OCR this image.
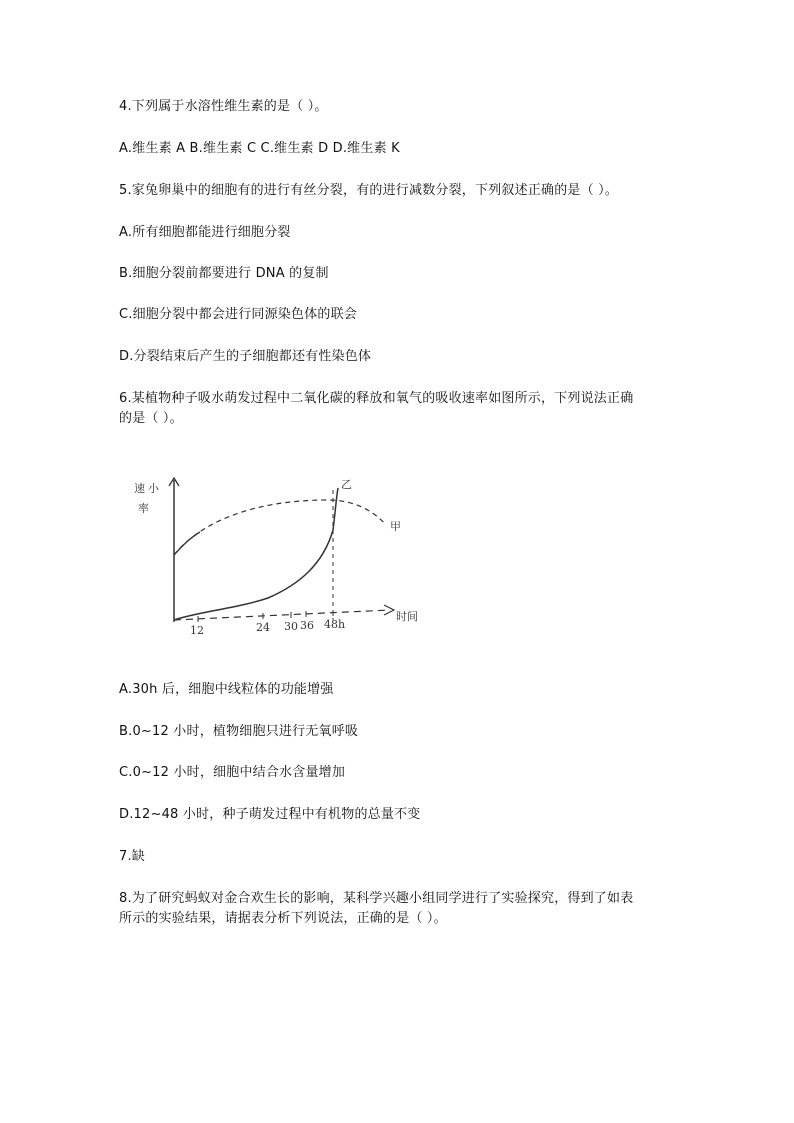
4.下列属于水溶性维生素的是（ ）。
A.维生素 A B.维生素 C C.维生素 D D.维生素 K
5.家兔卵巢中的细胞有的进行有丝分裂，有的进行减数分裂，下列叙述正确的是（ ）。
A.所有细胞都能进行细胞分裂
B.细胞分裂前都要进行 DNA 的复制
C.细胞分裂中都会进行同源染色体的联会
D.分裂结束后产生的子细胞都还有性染色体
6.某植物种子吸水萌发过程中二氧化碳的释放和氧气的吸收速率如图所示，下列说法正确
的是（ ）。
速 小
率
乙
甲
时间
12	24 30 36 48h
A.30h 后，细胞中线粒体的功能增强
B.0~12 小时，植物细胞只进行无氧呼吸
C.0~12 小时，细胞中结合水含量增加
D.12~48 小时，种子萌发过程中有机物的总量不变
7.缺
8.为了研究蚂蚁对金合欢生长的影响，某科学兴趣小组同学进行了实验探究，得到了如表
所示的实验结果，请据表分析下列说法，正确的是（ ）。
